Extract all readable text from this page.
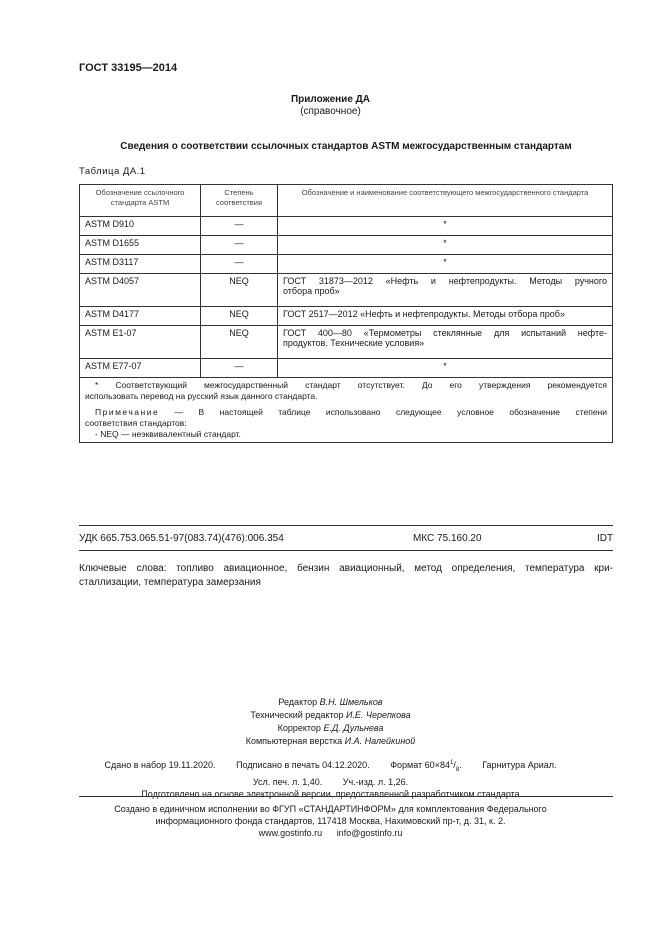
ГОСТ 33195—2014
Приложение ДА
(справочное)
Сведения о соответствии ссылочных стандартов ASTM межгосударственным стандартам
Таблица ДА.1
Обозначение ссылочного стандарта ASTM	Степень соответствия	Обозначение и наименование соответствующего межгосударственного стандарта
ASTM D910	—	*
ASTM D1655	—	*
ASTM D3117	—	*
ASTM D4057	NEQ	ГОСТ 31873—2012 «Нефть и нефтепродукты. Методы ручного
отбора проб»

ASTM D4177	NEQ	ГОСТ 2517—2012 «Нефть и нефтепродукты. Методы отбора проб»
ASTM E1-07	NEQ	ГОСТ 400—80 «Термометры стеклянные для испытаний нефте-
продуктов. Технические условия»

ASTM E77-07	—	*

* Соответствующий межгосударственный стандарт отсутствует. До его утверждения рекомендуется
использовать перевод на русский язык данного стандарта.
Примечание — В настоящей таблице использовано следующее условное обозначение степени
соответствия стандартов:
- NEQ — неэквивалентный стандарт.		
УДК 665.753.065.51-97(083.74)(476):006.354	МКС 75.160.20	IDT
Ключевые слова: топливо авиационное, бензин авиационный, метод определения, температура кри-
сталлизации, температура замерзания
Редактор В.Н. Шмельков
Технический редактор И.Е. Черепкова
Корректор Е.Д. Дульнева
Компьютерная верстка И.А. Налейкиной
Сдано в набор 19.11.2020. Подписано в печать 04.12.2020. Формат $60\times 84^1/_8$. Гарнитура Ариал.
Усл. печ. л. 1,40. Уч.-изд. л. 1,26.
Подготовлено на основе электронной версии, предоставленной разработчиком стандарта
Создано в единичном исполнении во ФГУП «СТАНДАРТИНФОРМ» для комплектования Федерального
информационного фонда стандартов, 117418 Москва, Нахимовский пр-т, д. 31, к. 2.
www.gostinfo.ru info@gostinfo.ru
